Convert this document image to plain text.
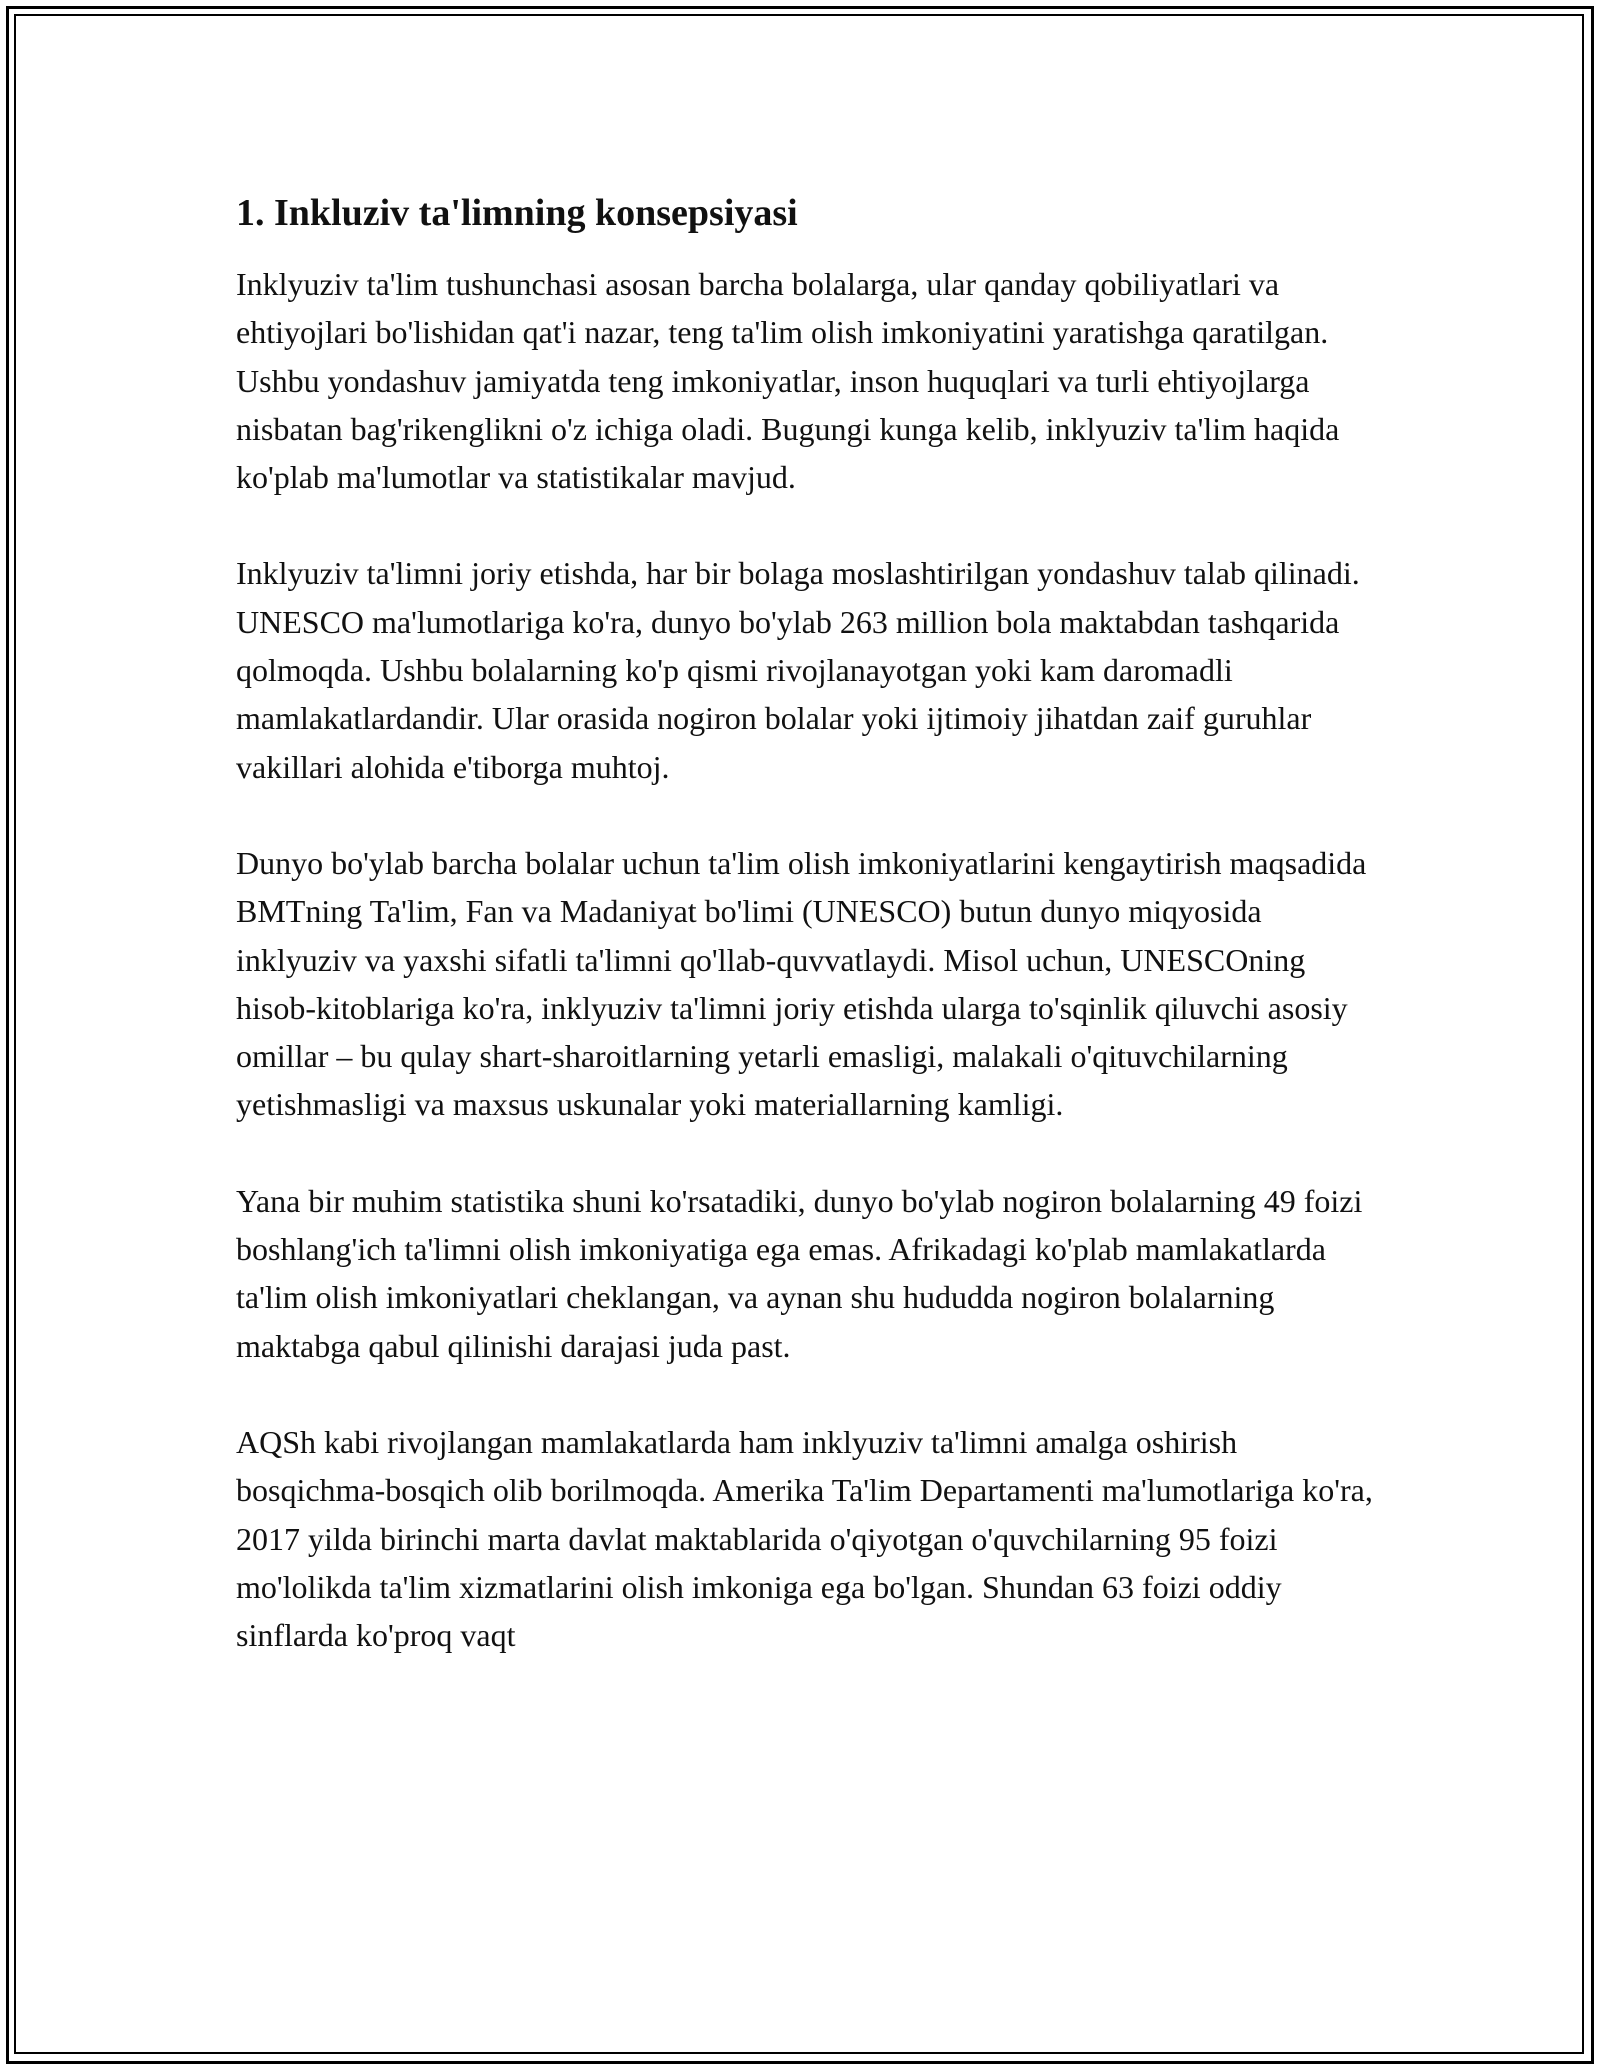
1. Inkluziv ta'limning konsepsiyasi

Inklyuziv ta'lim tushunchasi asosan barcha bolalarga, ular qanday qobiliyatlari va ehtiyojlari bo'lishidan qat'i nazar, teng ta'lim olish imkoniyatini yaratishga qaratilgan. Ushbu yondashuv jamiyatda teng imkoniyatlar, inson huquqlari va turli ehtiyojlarga nisbatan bag'rikenglikni o'z ichiga oladi. Bugungi kunga kelib, inklyuziv ta'lim haqida ko'plab ma'lumotlar va statistikalar mavjud.

Inklyuziv ta'limni joriy etishda, har bir bolaga moslashtirilgan yondashuv talab qilinadi. UNESCO ma'lumotlariga ko'ra, dunyo bo'ylab 263 million bola maktabdan tashqarida qolmoqda. Ushbu bolalarning ko'p qismi rivojlanayotgan yoki kam daromadli mamlakatlardandir. Ular orasida nogiron bolalar yoki ijtimoiy jihatdan zaif guruhlar vakillari alohida e'tiborga muhtoj.

Dunyo bo'ylab barcha bolalar uchun ta'lim olish imkoniyatlarini kengaytirish maqsadida BMTning Ta'lim, Fan va Madaniyat bo'limi (UNESCO) butun dunyo miqyosida inklyuziv va yaxshi sifatli ta'limni qo'llab-quvvatlaydi. Misol uchun, UNESCOning hisob-kitoblariga ko'ra, inklyuziv ta'limni joriy etishda ularga to'sqinlik qiluvchi asosiy omillar – bu qulay shart-sharoitlarning yetarli emasligi, malakali o'qituvchilarning yetishmasligi va maxsus uskunalar yoki materiallarning kamligi.

Yana bir muhim statistika shuni ko'rsatadiki, dunyo bo'ylab nogiron bolalarning 49 foizi boshlang'ich ta'limni olish imkoniyatiga ega emas. Afrikadagi ko'plab mamlakatlarda ta'lim olish imkoniyatlari cheklangan, va aynan shu hududda nogiron bolalarning maktabga qabul qilinishi darajasi juda past.

AQSh kabi rivojlangan mamlakatlarda ham inklyuziv ta'limni amalga oshirish bosqichma-bosqich olib borilmoqda. Amerika Ta'lim Departamenti ma'lumotlariga ko'ra, 2017 yilda birinchi marta davlat maktablarida o'qiyotgan o'quvchilarning 95 foizi mo'lolikda ta'lim xizmatlarini olish imkoniga ega bo'lgan. Shundan 63 foizi oddiy sinflarda ko'proq vaqt
